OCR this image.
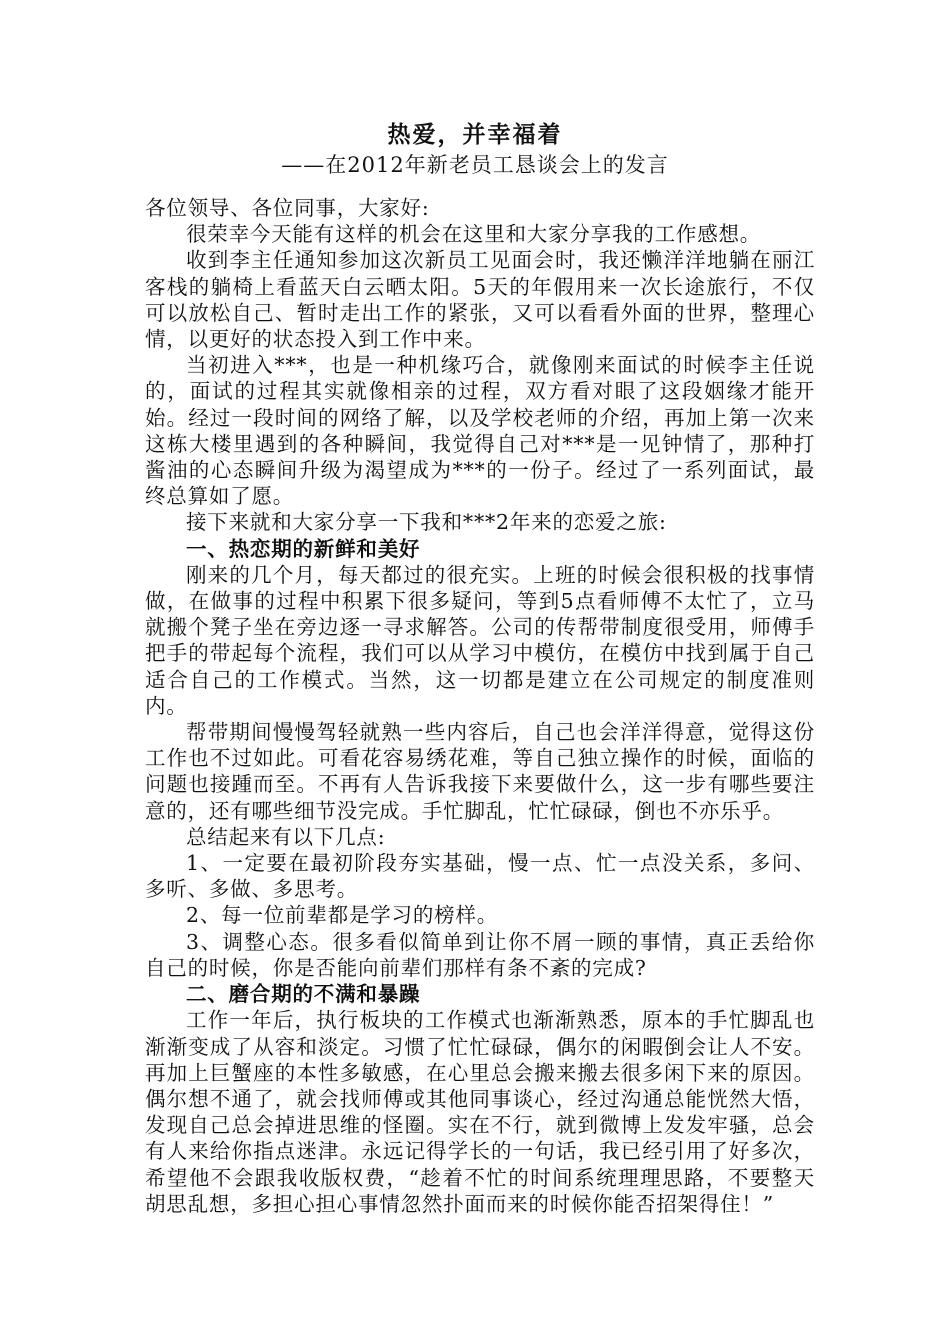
热爱，并幸福着
——在2012年新老员工恳谈会上的发言

各位领导、各位同事，大家好:

很荣幸今天能有这样的机会在这里和大家分享我的工作感想。

收到李主任通知参加这次新员工见面会时，我还懒洋洋地躺在丽江客栈的躺椅上看蓝天白云晒太阳。5天的年假用来一次长途旅行，不仅可以放松自己、暂时走出工作的紧张，又可以看看外面的世界，整理心情，以更好的状态投入到工作中来。

当初进入***，也是一种机缘巧合，就像刚来面试的时候李主任说的，面试的过程其实就像相亲的过程，双方看对眼了这段姻缘才能开始。经过一段时间的网络了解，以及学校老师的介绍，再加上第一次来这栋大楼里遇到的各种瞬间，我觉得自己对***是一见钟情了，那种打酱油的心态瞬间升级为渴望成为***的一份子。经过了一系列面试，最终总算如了愿。

接下来就和大家分享一下我和***2年来的恋爱之旅:

一、热恋期的新鲜和美好

刚来的几个月，每天都过的很充实。上班的时候会很积极的找事情做，在做事的过程中积累下很多疑问，等到5点看师傅不太忙了，立马就搬个凳子坐在旁边逐一寻求解答。公司的传帮带制度很受用，师傅手把手的带起每个流程，我们可以从学习中模仿，在模仿中找到属于自己适合自己的工作模式。当然，这一切都是建立在公司规定的制度准则内。

帮带期间慢慢驾轻就熟一些内容后，自己也会洋洋得意，觉得这份工作也不过如此。可看花容易绣花难，等自己独立操作的时候，面临的问题也接踵而至。不再有人告诉我接下来要做什么，这一步有哪些要注意的，还有哪些细节没完成。手忙脚乱，忙忙碌碌，倒也不亦乐乎。

总结起来有以下几点:

1、一定要在最初阶段夯实基础，慢一点、忙一点没关系，多问、多听、多做、多思考。

2、每一位前辈都是学习的榜样。

3、调整心态。很多看似简单到让你不屑一顾的事情，真正丢给你自己的时候，你是否能向前辈们那样有条不紊的完成?

二、磨合期的不满和暴躁

工作一年后，执行板块的工作模式也渐渐熟悉，原本的手忙脚乱也渐渐变成了从容和淡定。习惯了忙忙碌碌，偶尔的闲暇倒会让人不安。再加上巨蟹座的本性多敏感，在心里总会搬来搬去很多闲下来的原因。偶尔想不通了，就会找师傅或其他同事谈心，经过沟通总能恍然大悟，发现自己总会掉进思维的怪圈。实在不行，就到微博上发发牢骚，总会有人来给你指点迷津。永远记得学长的一句话，我已经引用了好多次，希望他不会跟我收版权费，“趁着不忙的时间系统理理思路，不要整天胡思乱想，多担心担心事情忽然扑面而来的时候你能否招架得住！”
